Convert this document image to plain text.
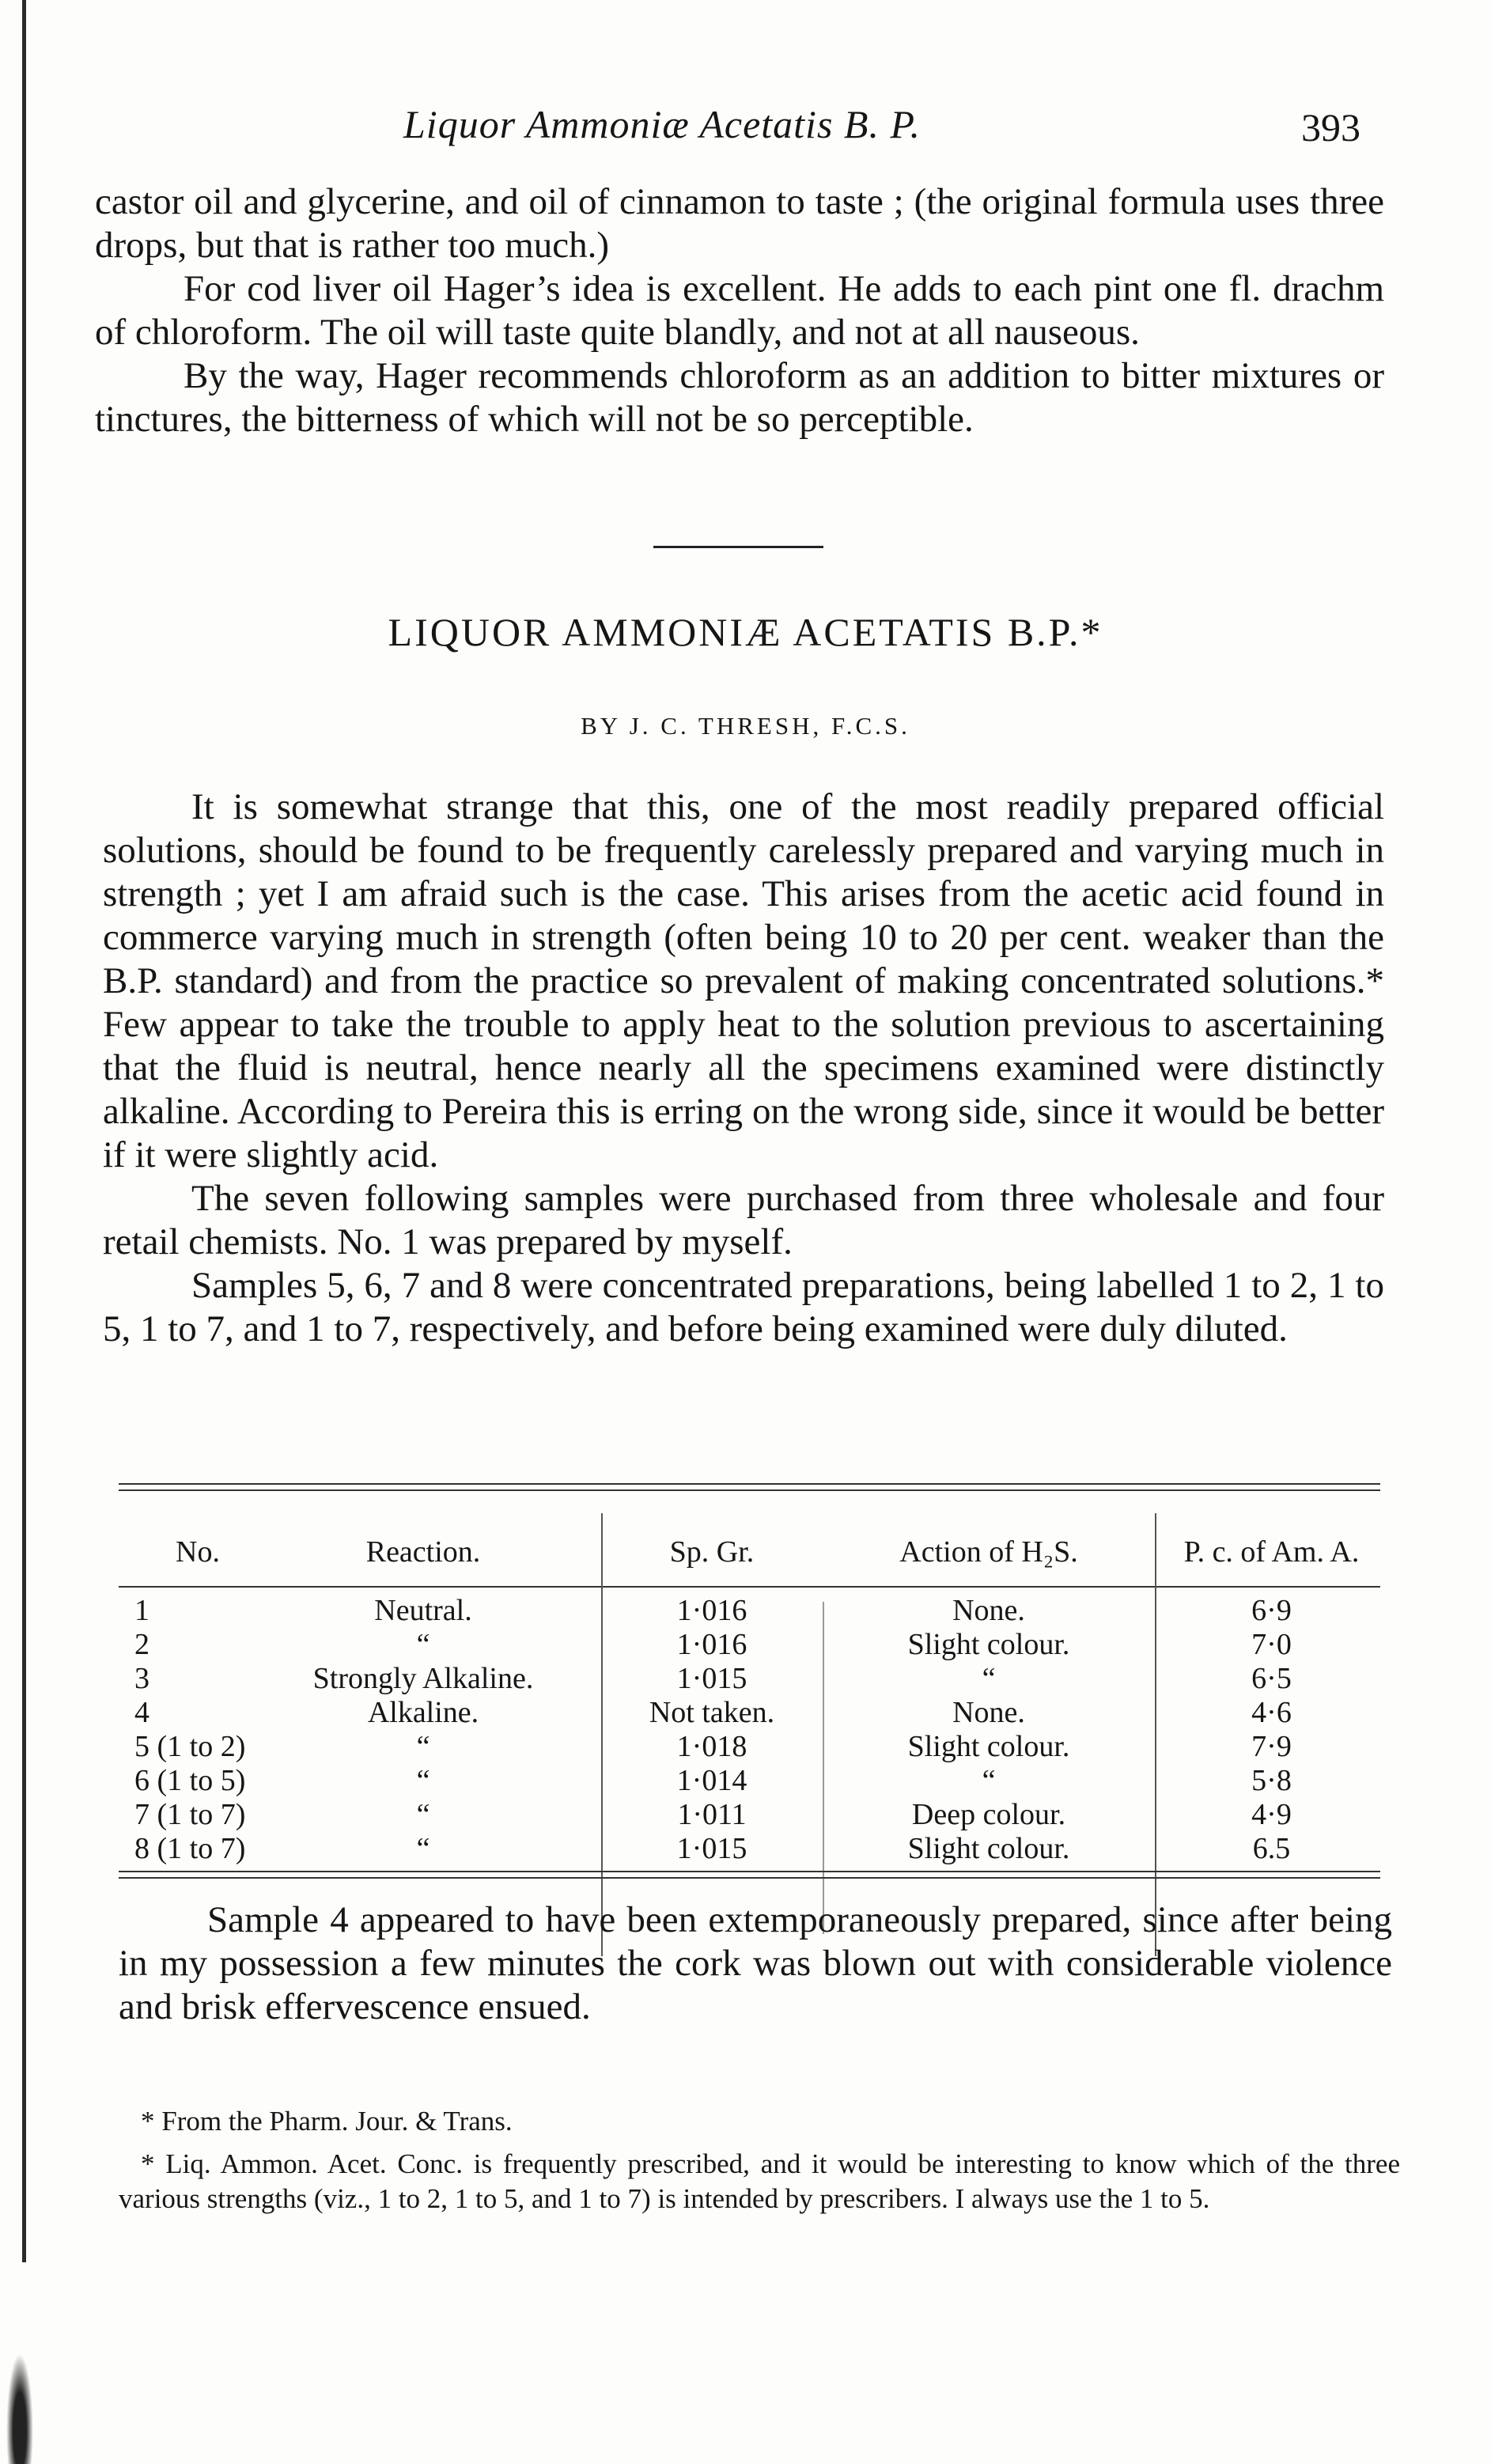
Liquor Ammoniæ Acetatis B. P.	393

castor oil and glycerine, and oil of cinnamon to taste ; (the original formula uses three drops, but that is rather too much.)

For cod liver oil Hager’s idea is excellent. He adds to each pint one fl. drachm of chloroform. The oil will taste quite blandly, and not at all nauseous.

By the way, Hager recommends chloroform as an addition to bitter mixtures or tinctures, the bitterness of which will not be so perceptible.

LIQUOR AMMONIÆ ACETATIS B.P.*
BY J. C. THRESH, F.C.S.

It is somewhat strange that this, one of the most readily prepared official solutions, should be found to be frequently carelessly prepared and varying much in strength ; yet I am afraid such is the case. This arises from the acetic acid found in commerce varying much in strength (often being 10 to 20 per cent. weaker than the B.P. standard) and from the practice so prevalent of making concentrated solutions.* Few appear to take the trouble to apply heat to the solution previous to ascertaining that the fluid is neutral, hence nearly all the specimens examined were distinctly alkaline. According to Pereira this is erring on the wrong side, since it would be better if it were slightly acid.

The seven following samples were purchased from three wholesale and four retail chemists. No. 1 was prepared by myself.

Samples 5, 6, 7 and 8 were concentrated preparations, being labelled 1 to 2, 1 to 5, 1 to 7, and 1 to 7, respectively, and before being examined were duly diluted.

No.	Reaction.	Sp. Gr.	Action of H₂S.	P. c. of Am. A.
1	Neutral.	1·016	None.	6·9
2	“	1·016	Slight colour.	7·0
3	Strongly Alkaline.	1·015	“	6·5
4	Alkaline.	Not taken.	None.	4·6
5 (1 to 2)	“	1·018	Slight colour.	7·9
6 (1 to 5)	“	1·014	“	5·8
7 (1 to 7)	“	1·011	Deep colour.	4·9
8 (1 to 7)	“	1·015	Slight colour.	6.5

Sample 4 appeared to have been extemporaneously prepared, since after being in my possession a few minutes the cork was blown out with considerable violence and brisk effervescence ensued.

* From the Pharm. Jour. & Trans.

* Liq. Ammon. Acet. Conc. is frequently prescribed, and it would be interesting to know which of the three various strengths (viz., 1 to 2, 1 to 5, and 1 to 7) is intended by prescribers. I always use the 1 to 5.
